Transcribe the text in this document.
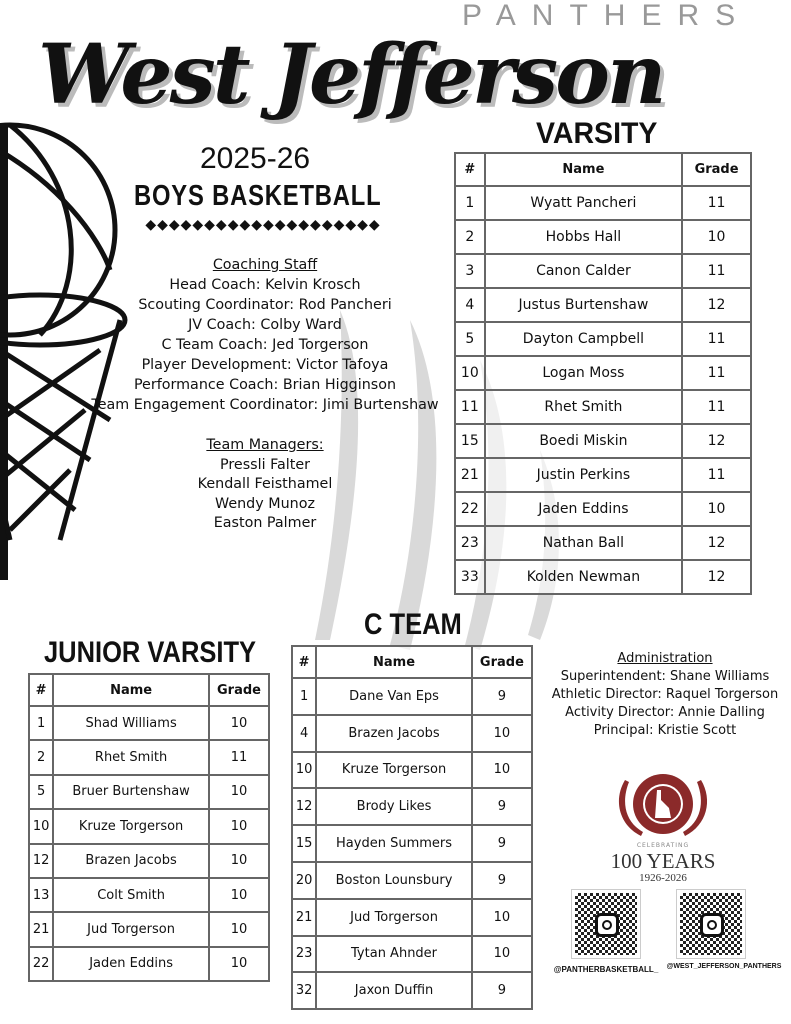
PANTHERS
West Jefferson
VARSITY
2025-26
BOYS BASKETBALL
◆◆◆◆◆◆◆◆◆◆◆◆◆◆◆◆◆◆◆◆
Coaching Staff
Head Coach: Kelvin Krosch
Scouting Coordinator: Rod Pancheri
JV Coach: Colby Ward
C Team Coach: Jed Torgerson
Player Development: Victor Tafoya
Performance Coach: Brian Higginson
Team Engagement Coordinator: Jimi Burtenshaw
Team Managers:
Pressli Falter
Kendall Feisthamel
Wendy Munoz
Easton Palmer
#	Name	Grade
1	Wyatt Pancheri	11
2	Hobbs Hall	10
3	Canon Calder	11
4	Justus Burtenshaw	12
5	Dayton Campbell	11
10	Logan Moss	11
11	Rhet Smith	11
15	Boedi Miskin	12
21	Justin Perkins	11
22	Jaden Eddins	10
23	Nathan Ball	12
33	Kolden Newman	12
JUNIOR VARSITY
#	Name	Grade
1	Shad Williams	10
2	Rhet Smith	11
5	Bruer Burtenshaw	10
10	Kruze Torgerson	10
12	Brazen Jacobs	10
13	Colt Smith	10
21	Jud Torgerson	10
22	Jaden Eddins	10
C TEAM
#	Name	Grade
1	Dane Van Eps	9
4	Brazen Jacobs	10
10	Kruze Torgerson	10
12	Brody Likes	9
15	Hayden Summers	9
20	Boston Lounsbury	9
21	Jud Torgerson	10
23	Tytan Ahnder	10
32	Jaxon Duffin	9
Administration
Superintendent: Shane Williams
Athletic Director: Raquel Torgerson
Activity Director: Annie Dalling
Principal: Kristie Scott
CELEBRATING
100 YEARS
1926-2026
@PANTHERBASKETBALL_	@WEST_JEFFERSON_PANTHERS
